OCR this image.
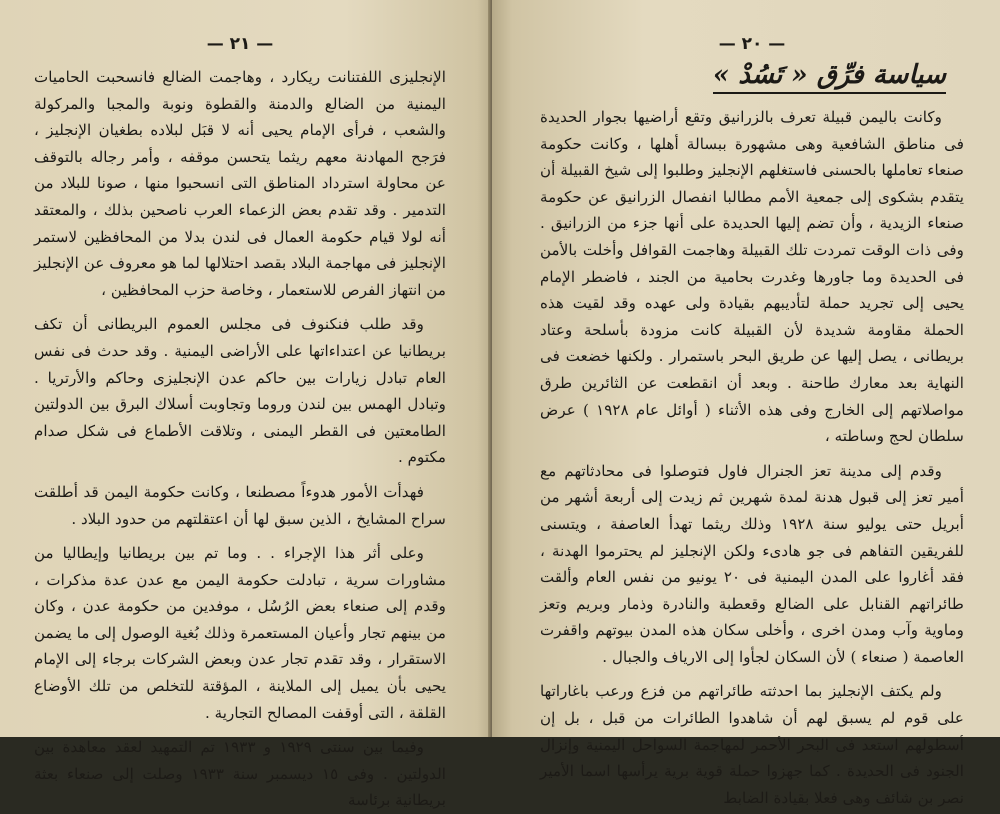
— ٢١ —

الإنجليزى اللفتنانت ريكارد ، وهاجمت الضالع فانسحبت الحاميات اليمنية من الضالع والدمنة والقطوة ونوبة والمجبا والمركولة والشعب ، فرأى الإمام يحيى أنه لا قبَل لبلاده بطغيان الإنجليز ، فرَجح المهادنة معهم ريثما يتحسن موقفه ، وأمر رجاله بالتوقف عن محاولة استرداد المناطق التى انسحبوا منها ، صونا للبلاد من التدمير . وقد تقدم بعض الزعماء العرب ناصحين بذلك ، والمعتقد أنه لولا قيام حكومة العمال فى لندن بدلا من المحافظين لاستمر الإنجليز فى مهاجمة البلاد بقصد احتلالها لما هو معروف عن الإنجليز من انتهاز الفرص للاستعمار ، وخاصة حزب المحافظين ،

وقد طلب فنكنوف فى مجلس العموم البريطانى أن تكف بريطانيا عن اعتداءاتها على الأراضى اليمنية . وقد حدث فى نفس العام تبادل زيارات بين حاكم عدن الإنجليزى وحاكم والأرتريا . وتبادل الهمس بين لندن وروما وتجاوبت أسلاك البرق بين الدولتين الطامعتين فى القطر اليمنى ، وتلاقت الأطماع فى شكل صدام مكتوم .

فهدأت الأمور هدوءاً مصطنعا ، وكانت حكومة اليمن قد أطلقت سراح المشايخ ، الذين سبق لها أن اعتقلتهم من حدود البلاد .

وعلى أثر هذا الإجراء . . وما تم بين بريطانيا وإيطاليا من مشاورات سرية ، تبادلت حكومة اليمن مع عدن عدة مذكرات ، وقدم إلى صنعاء بعض الرُسُل ، موفدين من حكومة عدن ، وكان من بينهم تجار وأعيان المستعمرة وذلك بُغية الوصول إلى ما يضمن الاستقرار ، وقد تقدم تجار عدن وبعض الشركات برجاء إلى الإمام يحيى بأن يميل إلى الملاينة ، المؤقتة للتخلص من تلك الأوضاع القلقة ، التى أوقفت المصالح التجارية .

وفيما بين سنتى ١٩٢٩ و ١٩٣٣ تم التمهيد لعقد معاهدة بين الدولتين . وفى ١٥ ديسمبر سنة ١٩٣٣ وصلت إلى صنعاء بعثة بريطانية برئاسة

— ٢٠ —
سياسة فرِّق « تَسُدْ »

وكانت باليمن قبيلة تعرف بالزرانيق وتقع أراضيها بجوار الحديدة فى مناطق الشافعية وهى مشهورة ببسالة أهلها ، وكانت حكومة صنعاء تعاملها بالحسنى فاستغلهم الإنجليز وطلبوا إلى شيخ القبيلة أن يتقدم بشكوى إلى جمعية الأمم مطالبا انفصال الزرانيق عن حكومة صنعاء الزيدية ، وأن تضم إليها الحديدة على أنها جزء من الزرانيق . وفى ذات الوقت تمردت تلك القبيلة وهاجمت القوافل وأخلت بالأمن فى الحديدة وما جاورها وغدرت بحامية من الجند ، فاضطر الإمام يحيى إلى تجريد حملة لتأديبهم بقيادة ولى عهده وقد لقيت هذه الحملة مقاومة شديدة لأن القبيلة كانت مزودة بأسلحة وعتاد بريطانى ، يصل إليها عن طريق البحر باستمرار . ولكنها خضعت فى النهاية بعد معارك طاحنة . وبعد أن انقطعت عن الثائرين طرق مواصلاتهم إلى الخارج وفى هذه الأثناء ( أوائل عام ١٩٢٨ ) عرض سلطان لحج وساطته ،

وقدم إلى مدينة تعز الجنرال فاول فتوصلوا فى محادثاتهم مع أمير تعز إلى قبول هدنة لمدة شهرين ثم زيدت إلى أربعة أشهر من أبريل حتى يوليو سنة ١٩٢٨ وذلك ريثما تهدأ العاصفة ، ويتسنى للفريقين التفاهم فى جو هادىء ولكن الإنجليز لم يحترموا الهدنة ، فقد أغاروا على المدن اليمنية فى ٢٠ يونيو من نفس العام وألقت طائراتهم القنابل على الضالع وقعطبة والنادرة وذمار وبريم وتعز وماوية وآب ومدن اخرى ، وأخلى سكان هذه المدن بيوتهم واقفرت العاصمة ( صنعاء ) لأن السكان لجأوا إلى الارياف والجبال .

ولم يكتف الإنجليز بما احدثته طائراتهم من فزع ورعب باغاراتها على قوم لم يسبق لهم أن شاهدوا الطائرات من قبل ، بل إن أسطولهم استعد فى البحر الأحمر لمهاجمة السواحل اليمنية وإنزال الجنود فى الحديدة . كما جهزوا حملة قوية برية يرأسها اسما الأمير نصر بن شائف وهى فعلا بقيادة الضابط
